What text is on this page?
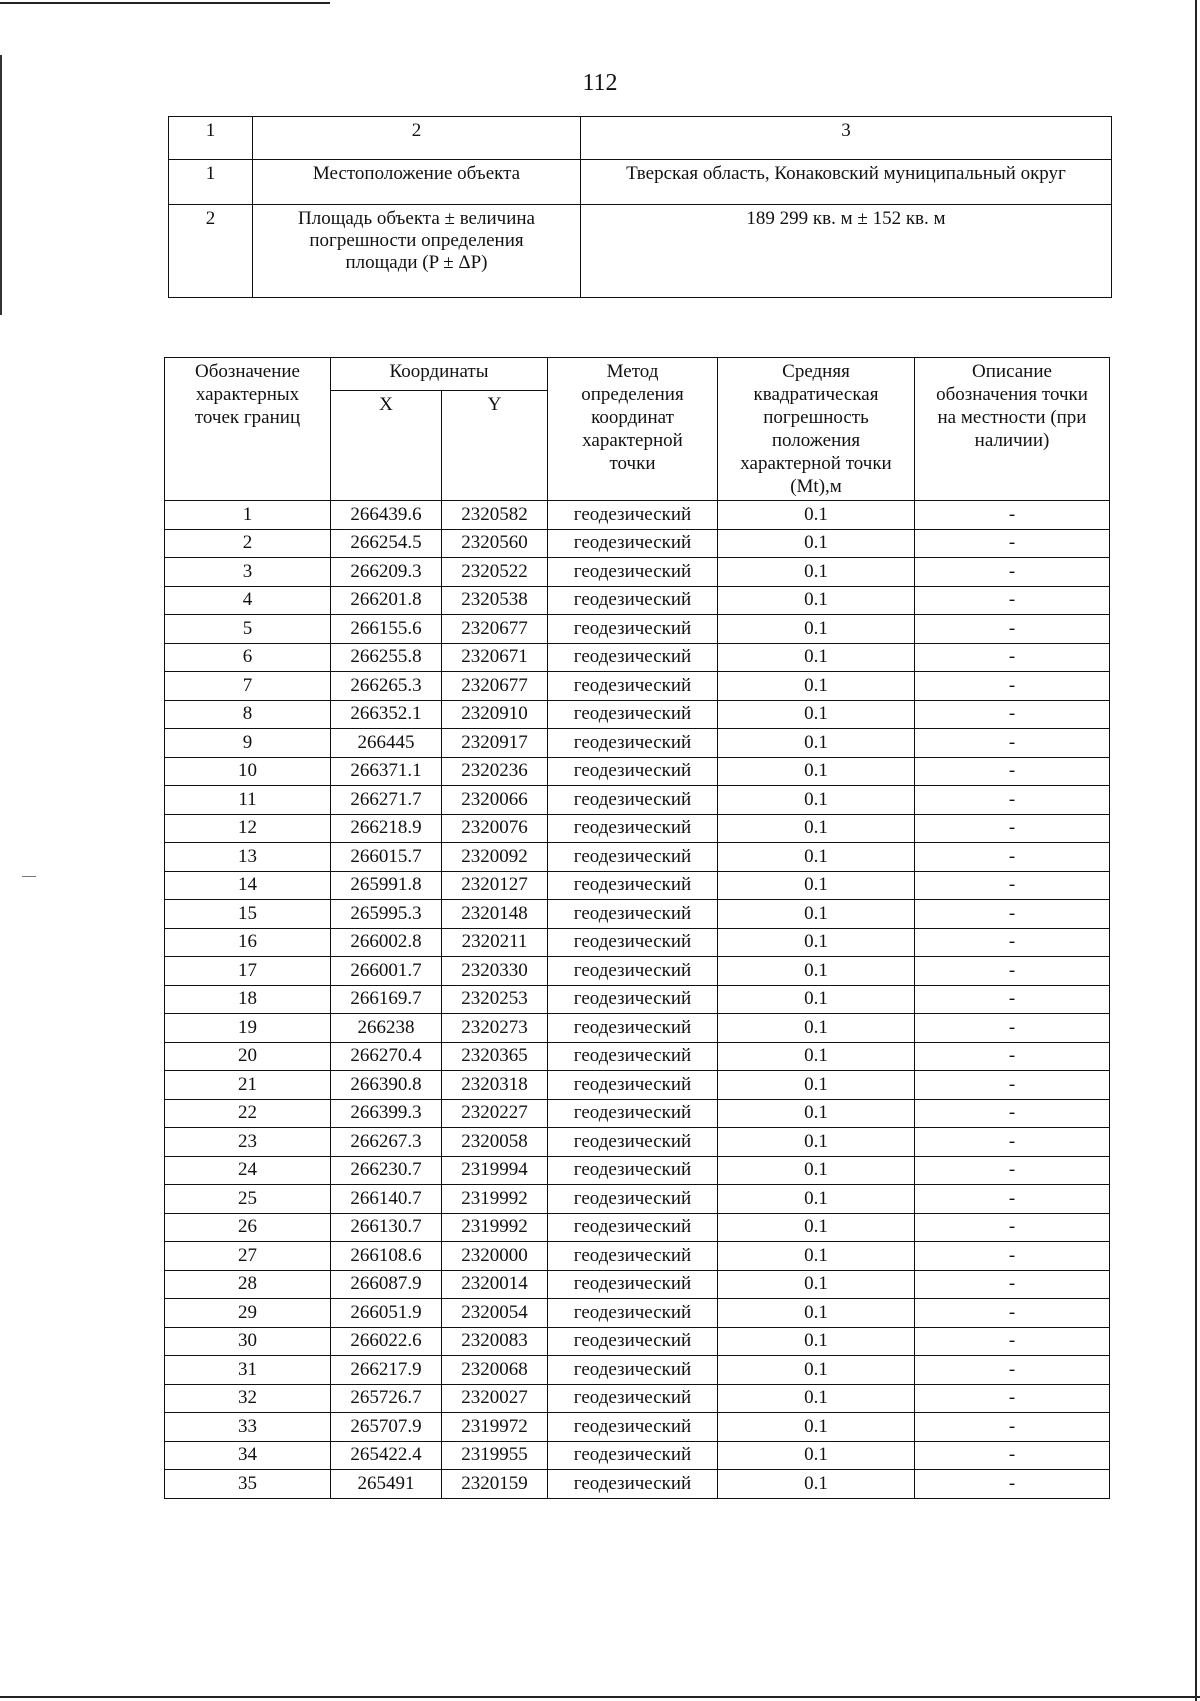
112
1	2	3
1	Местоположение объекта	Тверская область, Конаковский муниципальный округ
2	Площадь объекта ± величина погрешности определения площади (P ± ΔP)	189 299 кв. м ± 152 кв. м
Обозначение характерных точек границ	Координаты		Метод определения координат характерной точки	Средняя квадратическая погрешность положения характерной точки (Mt),м	Описание обозначения точки на местности (при наличии)
	X	Y			
1	266439.6	2320582	геодезический	0.1	-
2	266254.5	2320560	геодезический	0.1	-
3	266209.3	2320522	геодезический	0.1	-
4	266201.8	2320538	геодезический	0.1	-
5	266155.6	2320677	геодезический	0.1	-
6	266255.8	2320671	геодезический	0.1	-
7	266265.3	2320677	геодезический	0.1	-
8	266352.1	2320910	геодезический	0.1	-
9	266445	2320917	геодезический	0.1	-
10	266371.1	2320236	геодезический	0.1	-
11	266271.7	2320066	геодезический	0.1	-
12	266218.9	2320076	геодезический	0.1	-
13	266015.7	2320092	геодезический	0.1	-
14	265991.8	2320127	геодезический	0.1	-
15	265995.3	2320148	геодезический	0.1	-
16	266002.8	2320211	геодезический	0.1	-
17	266001.7	2320330	геодезический	0.1	-
18	266169.7	2320253	геодезический	0.1	-
19	266238	2320273	геодезический	0.1	-
20	266270.4	2320365	геодезический	0.1	-
21	266390.8	2320318	геодезический	0.1	-
22	266399.3	2320227	геодезический	0.1	-
23	266267.3	2320058	геодезический	0.1	-
24	266230.7	2319994	геодезический	0.1	-
25	266140.7	2319992	геодезический	0.1	-
26	266130.7	2319992	геодезический	0.1	-
27	266108.6	2320000	геодезический	0.1	-
28	266087.9	2320014	геодезический	0.1	-
29	266051.9	2320054	геодезический	0.1	-
30	266022.6	2320083	геодезический	0.1	-
31	266217.9	2320068	геодезический	0.1	-
32	265726.7	2320027	геодезический	0.1	-
33	265707.9	2319972	геодезический	0.1	-
34	265422.4	2319955	геодезический	0.1	-
35	265491	2320159	геодезический	0.1	-
